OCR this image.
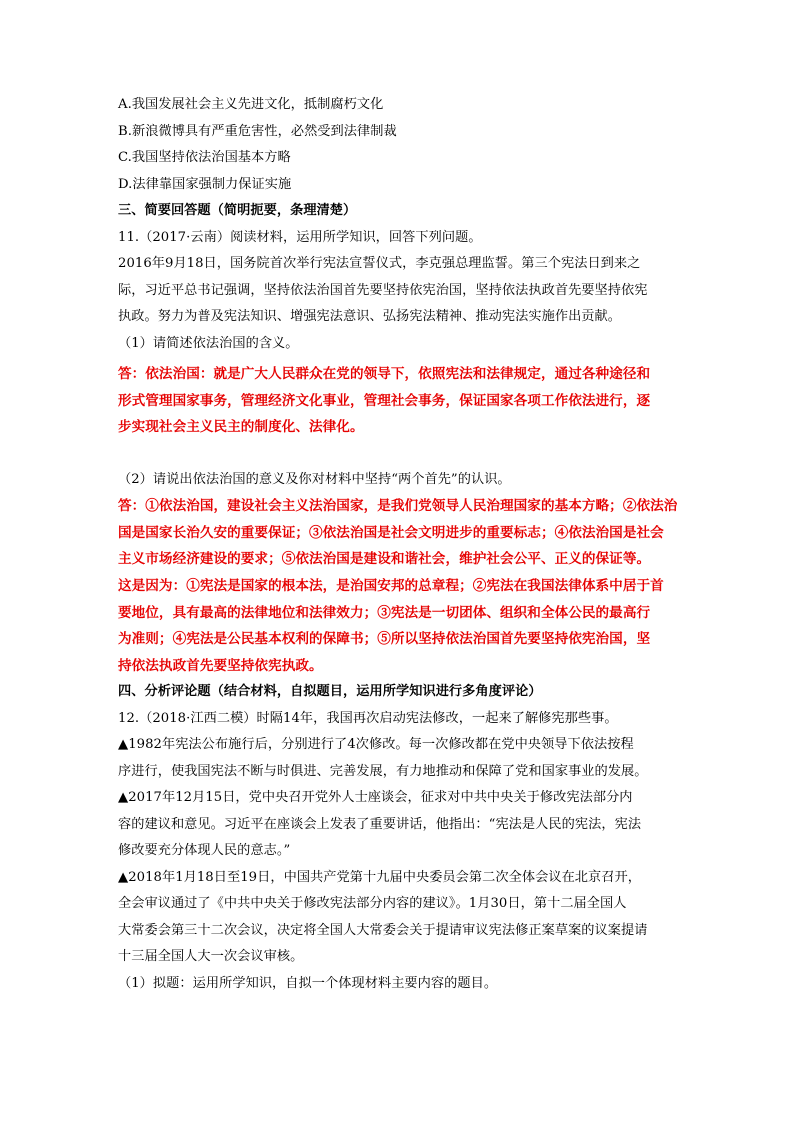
A.我国发展社会主义先进文化，抵制腐朽文化
B.新浪微博具有严重危害性，必然受到法律制裁
C.我国坚持依法治国基本方略
D.法律靠国家强制力保证实施
三、简要回答题（简明扼要，条理清楚）
11.（2017·云南）阅读材料，运用所学知识，回答下列问题。
2016年9月18日，国务院首次举行宪法宣誓仪式，李克强总理监誓。第三个宪法日到来之
际，习近平总书记强调，坚持依法治国首先要坚持依宪治国，坚持依法执政首先要坚持依宪
执政。努力为普及宪法知识、增强宪法意识、弘扬宪法精神、推动宪法实施作出贡献。
（1）请简述依法治国的含义。
答：依法治国：就是广大人民群众在党的领导下，依照宪法和法律规定，通过各种途径和
形式管理国家事务，管理经济文化事业，管理社会事务，保证国家各项工作依法进行，逐
步实现社会主义民主的制度化、法律化。
（2）请说出依法治国的意义及你对材料中坚持“两个首先”的认识。
答：①依法治国，建设社会主义法治国家，是我们党领导人民治理国家的基本方略；②依法治
国是国家长治久安的重要保证；③依法治国是社会文明进步的重要标志；④依法治国是社会
主义市场经济建设的要求；⑤依法治国是建设和谐社会，维护社会公平、正义的保证等。
这是因为：①宪法是国家的根本法，是治国安邦的总章程；②宪法在我国法律体系中居于首
要地位，具有最高的法律地位和法律效力；③宪法是一切团体、组织和全体公民的最高行
为准则；④宪法是公民基本权利的保障书；⑤所以坚持依法治国首先要坚持依宪治国，坚
持依法执政首先要坚持依宪执政。
四、分析评论题（结合材料，自拟题目，运用所学知识进行多角度评论）
12.（2018·江西二模）时隔14年，我国再次启动宪法修改，一起来了解修宪那些事。
▲1982年宪法公布施行后，分别进行了4次修改。每一次修改都在党中央领导下依法按程
序进行，使我国宪法不断与时俱进、完善发展，有力地推动和保障了党和国家事业的发展。
▲2017年12月15日，党中央召开党外人士座谈会，征求对中共中央关于修改宪法部分内
容的建议和意见。习近平在座谈会上发表了重要讲话，他指出：“宪法是人民的宪法，宪法
修改要充分体现人民的意志。”
▲2018年1月18日至19日，中国共产党第十九届中央委员会第二次全体会议在北京召开，
全会审议通过了《中共中央关于修改宪法部分内容的建议》。1月30日，第十二届全国人
大常委会第三十二次会议，决定将全国人大常委会关于提请审议宪法修正案草案的议案提请
十三届全国人大一次会议审核。
（1）拟题：运用所学知识，自拟一个体现材料主要内容的题目。
